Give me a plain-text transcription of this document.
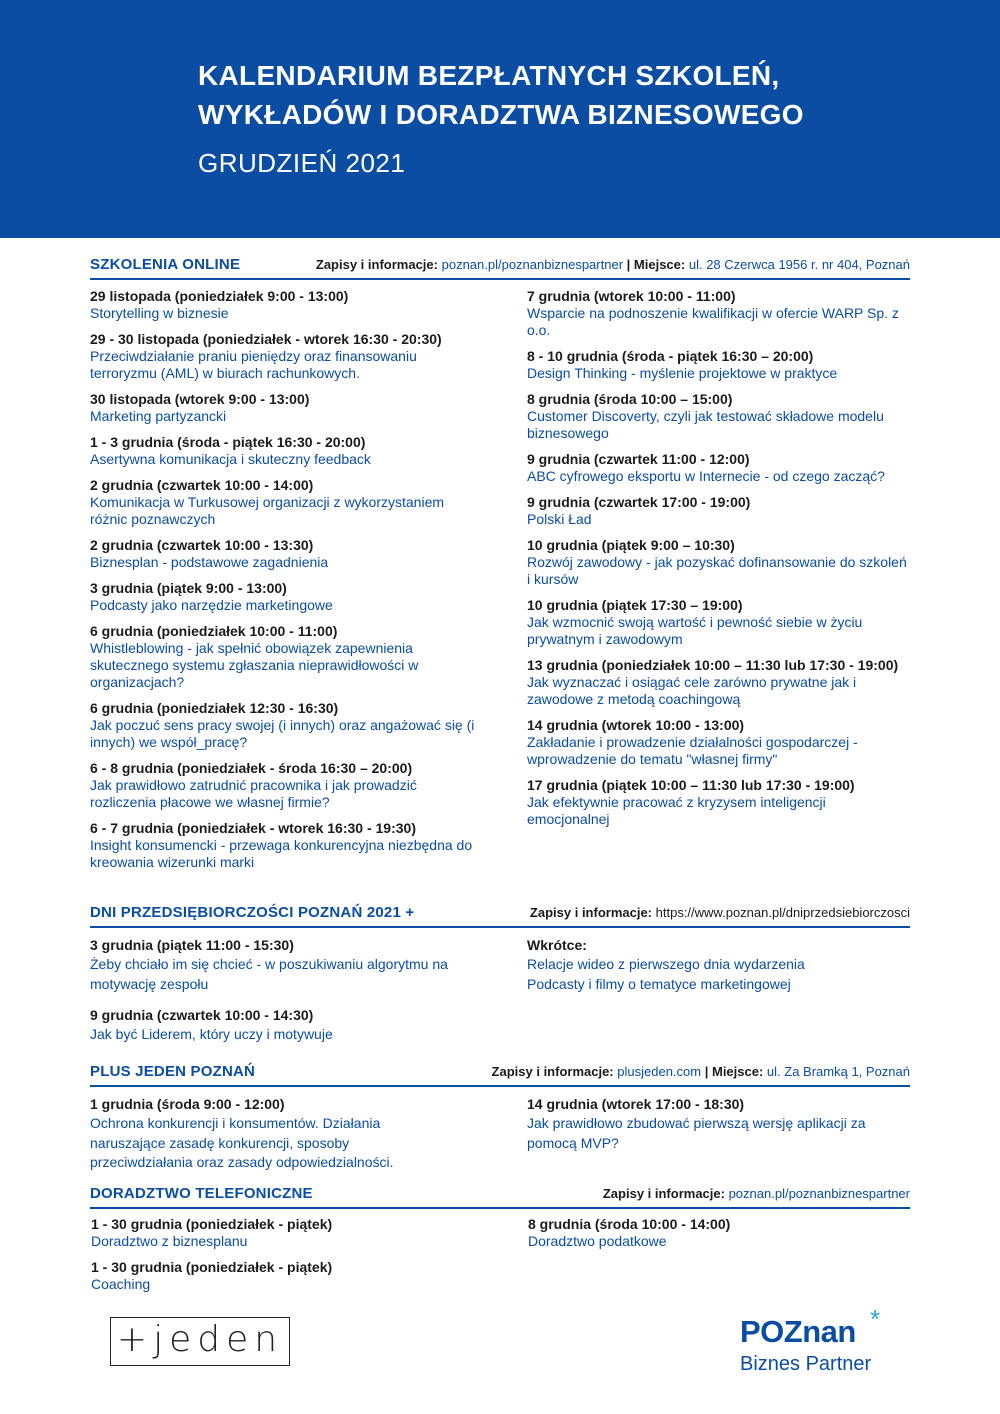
KALENDARIUM BEZPŁATNYCH SZKOLEŃ,
WYKŁADÓW I DORADZTWA BIZNESOWEGO
GRUDZIEŃ 2021
SZKOLENIA ONLINE	Zapisy i informacje: poznan.pl/poznanbiznespartner | Miejsce: ul. 28 Czerwca 1956 r. nr 404, Poznań
29 listopada (poniedziałek 9:00 - 13:00)
Storytelling w biznesie
29 - 30 listopada (poniedziałek - wtorek 16:30 - 20:30)
Przeciwdziałanie praniu pieniędzy oraz finansowaniu terroryzmu (AML) w biurach rachunkowych.
30 listopada (wtorek 9:00 - 13:00)
Marketing partyzancki
1 - 3 grudnia (środa - piątek 16:30 - 20:00)
Asertywna komunikacja i skuteczny feedback
2 grudnia (czwartek 10:00 - 14:00)
Komunikacja w Turkusowej organizacji z wykorzystaniem różnic poznawczych
2 grudnia (czwartek 10:00 - 13:30)
Biznesplan - podstawowe zagadnienia
3 grudnia (piątek 9:00 - 13:00)
Podcasty jako narzędzie marketingowe
6 grudnia (poniedziałek 10:00 - 11:00)
Whistleblowing - jak spełnić obowiązek zapewnienia skutecznego systemu zgłaszania nieprawidłowości w organizacjach?
6 grudnia (poniedziałek 12:30 - 16:30)
Jak poczuć sens pracy swojej (i innych) oraz angażować się (i innych) we współ_pracę?
6 - 8 grudnia (poniedziałek - środa 16:30 – 20:00)
Jak prawidłowo zatrudnić pracownika i jak prowadzić rozliczenia płacowe we własnej firmie?
6 - 7 grudnia (poniedziałek - wtorek 16:30 - 19:30)
Insight konsumencki - przewaga konkurencyjna niezbędna do kreowania wizerunki marki
7 grudnia (wtorek 10:00 - 11:00)
Wsparcie na podnoszenie kwalifikacji w ofercie WARP Sp. z o.o.
8 - 10 grudnia (środa - piątek 16:30 – 20:00)
Design Thinking - myślenie projektowe w praktyce
8 grudnia (środa 10:00 – 15:00)
Customer Discoverty, czyli jak testować składowe modelu biznesowego
9 grudnia (czwartek 11:00 - 12:00)
ABC cyfrowego eksportu w Internecie - od czego zacząć?
9 grudnia (czwartek 17:00 - 19:00)
Polski Ład
10 grudnia (piątek 9:00 – 10:30)
Rozwój zawodowy - jak pozyskać dofinansowanie do szkoleń i kursów
10 grudnia (piątek 17:30 – 19:00)
Jak wzmocnić swoją wartość i pewność siebie w życiu prywatnym i zawodowym
13 grudnia (poniedziałek 10:00 – 11:30 lub 17:30 - 19:00)
Jak wyznaczać i osiągać cele zarówno prywatne jak i zawodowe z metodą coachingową
14 grudnia (wtorek 10:00 - 13:00)
Zakładanie i prowadzenie działalności gospodarczej - wprowadzenie do tematu "własnej firmy"
17 grudnia (piątek 10:00 – 11:30 lub 17:30 - 19:00)
Jak efektywnie pracować z kryzysem inteligencji emocjonalnej
DNI PRZEDSIĘBIORCZOŚCI POZNAŃ 2021 +	Zapisy i informacje: https://www.poznan.pl/dniprzedsiebiorczosci
3 grudnia (piątek 11:00 - 15:30)
Żeby chciało im się chcieć - w poszukiwaniu algorytmu na motywację zespołu
9 grudnia (czwartek 10:00 - 14:30)
Jak być Liderem, który uczy i motywuje
Wkrótce:
Relacje wideo z pierwszego dnia wydarzenia
Podcasty i filmy o tematyce marketingowej
PLUS JEDEN POZNAŃ	Zapisy i informacje: plusjeden.com | Miejsce: ul. Za Bramką 1, Poznań
1 grudnia (środa 9:00 - 12:00)
Ochrona konkurencji i konsumentów. Działania naruszające zasadę konkurencji, sposoby przeciwdziałania oraz zasady odpowiedzialności.
14 grudnia (wtorek 17:00 - 18:30)
Jak prawidłowo zbudować pierwszą wersję aplikacji za pomocą MVP?
DORADZTWO TELEFONICZNE	Zapisy i informacje: poznan.pl/poznanbiznespartner
1 - 30 grudnia (poniedziałek - piątek)
Doradztwo z biznesplanu
1 - 30 grudnia (poniedziałek - piątek)
Coaching
8 grudnia (środa 10:00 - 14:00)
Doradztwo podatkowe
+jeden	POZnan *
Biznes Partner
